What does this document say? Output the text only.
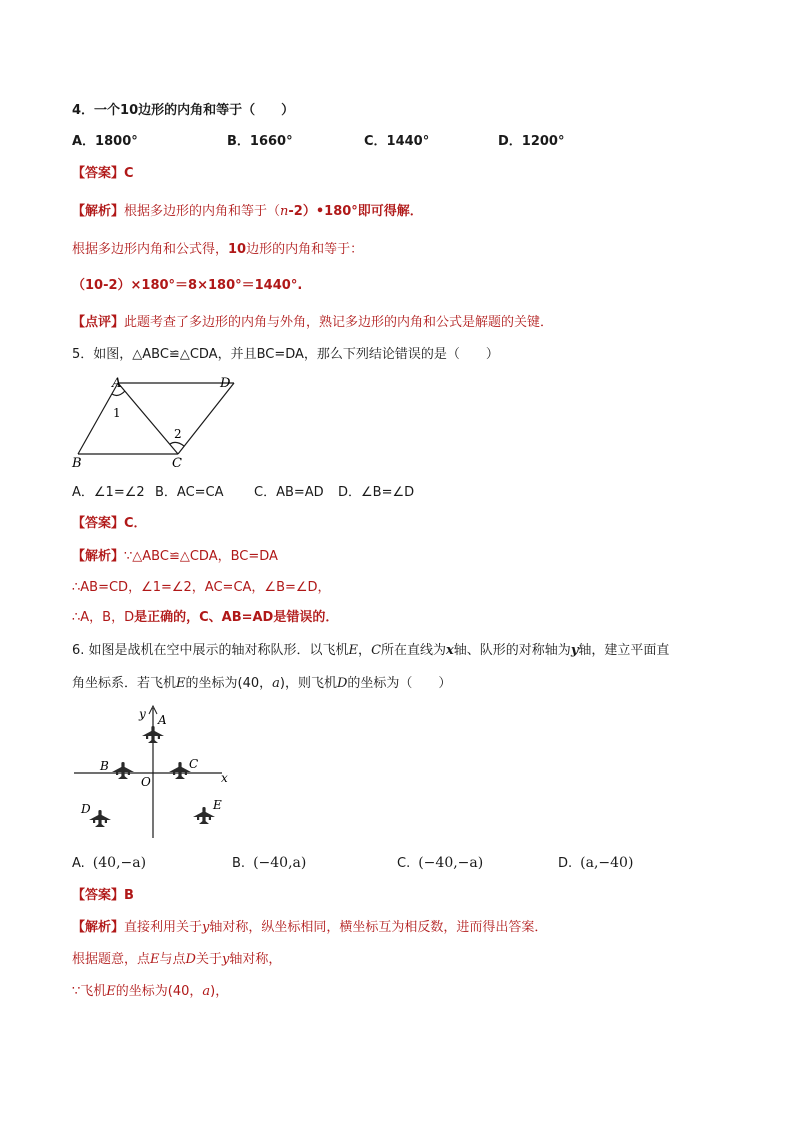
4．一个10边形的内角和等于（　　）
A．1800°	B．1660°	C．1440°	D．1200°
【答案】C
【解析】根据多边形的内角和等于（n-2）•180°即可得解．
根据多边形内角和公式得，10边形的内角和等于：
（10-2）×180°＝8×180°＝1440°.
【点评】此题考查了多边形的内角与外角，熟记多边形的内角和公式是解题的关键．
5．如图，△ABC≌△CDA，并且BC=DA，那么下列结论错误的是（　　）
A	D
B	C
1
2
A．∠1=∠2 B．AC=CA C．AB=AD D．∠B=∠D
【答案】C．
【解析】∵△ABC≌△CDA，BC=DA
∴AB=CD，∠1=∠2，AC=CA，∠B=∠D，
∴A，B，D是正确的，C、AB=AD是错误的．
6. 如图是战机在空中展示的轴对称队形．以飞机E，C所在直线为x轴、队形的对称轴为y轴，建立平面直
角坐标系．若飞机E的坐标为(40，a)，则飞机D的坐标为（　　）
y A
B	C
O	x
D	E
A. (40,−a)	B. (−40,a)	C. (−40,−a)	D. (a,−40)
【答案】B
【解析】直接利用关于y轴对称，纵坐标相同，横坐标互为相反数，进而得出答案．
根据题意，点E与点D关于y轴对称，
∵飞机E的坐标为(40，a)，
